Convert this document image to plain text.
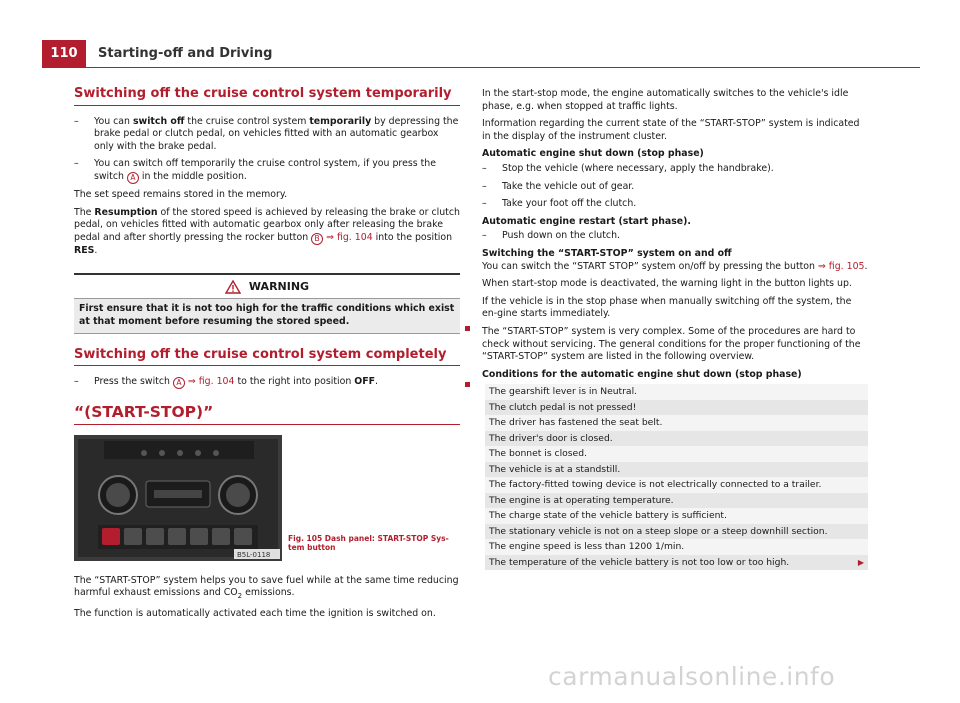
110	Starting-off and Driving
Switching off the cruise control system temporarily
–	You can switch off the cruise control system temporarily by depressing the brake pedal or clutch pedal, on vehicles fitted with an automatic gearbox only with the brake pedal.
–	You can switch off temporarily the cruise control system, if you press the switch A in the middle position.

The set speed remains stored in the memory.

The Resumption of the stored speed is achieved by releasing the brake or clutch pedal, on vehicles fitted with automatic gearbox only after releasing the brake pedal and after shortly pressing the rocker button B ⇒ fig. 104 into the position RES.

WARNING
First ensure that it is not too high for the traffic conditions which exist at that moment before resuming the stored speed.
Switching off the cruise control system completely
–	Press the switch A ⇒ fig. 104 to the right into position OFF.
“(START-STOP)”
B5L-0118
Fig. 105 Dash panel: START-STOP Sys-tem button

The “START-STOP” system helps you to save fuel while at the same time reducing harmful exhaust emissions and $CO_2$ emissions.

The function is automatically activated each time the ignition is switched on.

In the start-stop mode, the engine automatically switches to the vehicle's idle phase, e.g. when stopped at traffic lights.

Information regarding the current state of the “START-STOP” system is indicated in the display of the instrument cluster.

Automatic engine shut down (stop phase)

–	Stop the vehicle (where necessary, apply the handbrake).
–	Take the vehicle out of gear.
–	Take your foot off the clutch.

Automatic engine restart (start phase).

–	Push down on the clutch.

Switching the “START-STOP” system on and off

You can switch the “START STOP” system on/off by pressing the button ⇒ fig. 105.

When start-stop mode is deactivated, the warning light in the button lights up.

If the vehicle is in the stop phase when manually switching off the system, the en-gine starts immediately.

The “START-STOP” system is very complex. Some of the procedures are hard to check without servicing. The general conditions for the proper functioning of the “START-STOP” system are listed in the following overview.

Conditions for the automatic engine shut down (stop phase)

The gearshift lever is in Neutral.
The clutch pedal is not pressed!
The driver has fastened the seat belt.
The driver's door is closed.
The bonnet is closed.
The vehicle is at a standstill.
The factory-fitted towing device is not electrically connected to a trailer.
The engine is at operating temperature.
The charge state of the vehicle battery is sufficient.
The stationary vehicle is not on a steep slope or a steep downhill section.
The engine speed is less than 1200 1/min.
The temperature of the vehicle battery is not too low or too high.	▶
carmanualsonline.info
